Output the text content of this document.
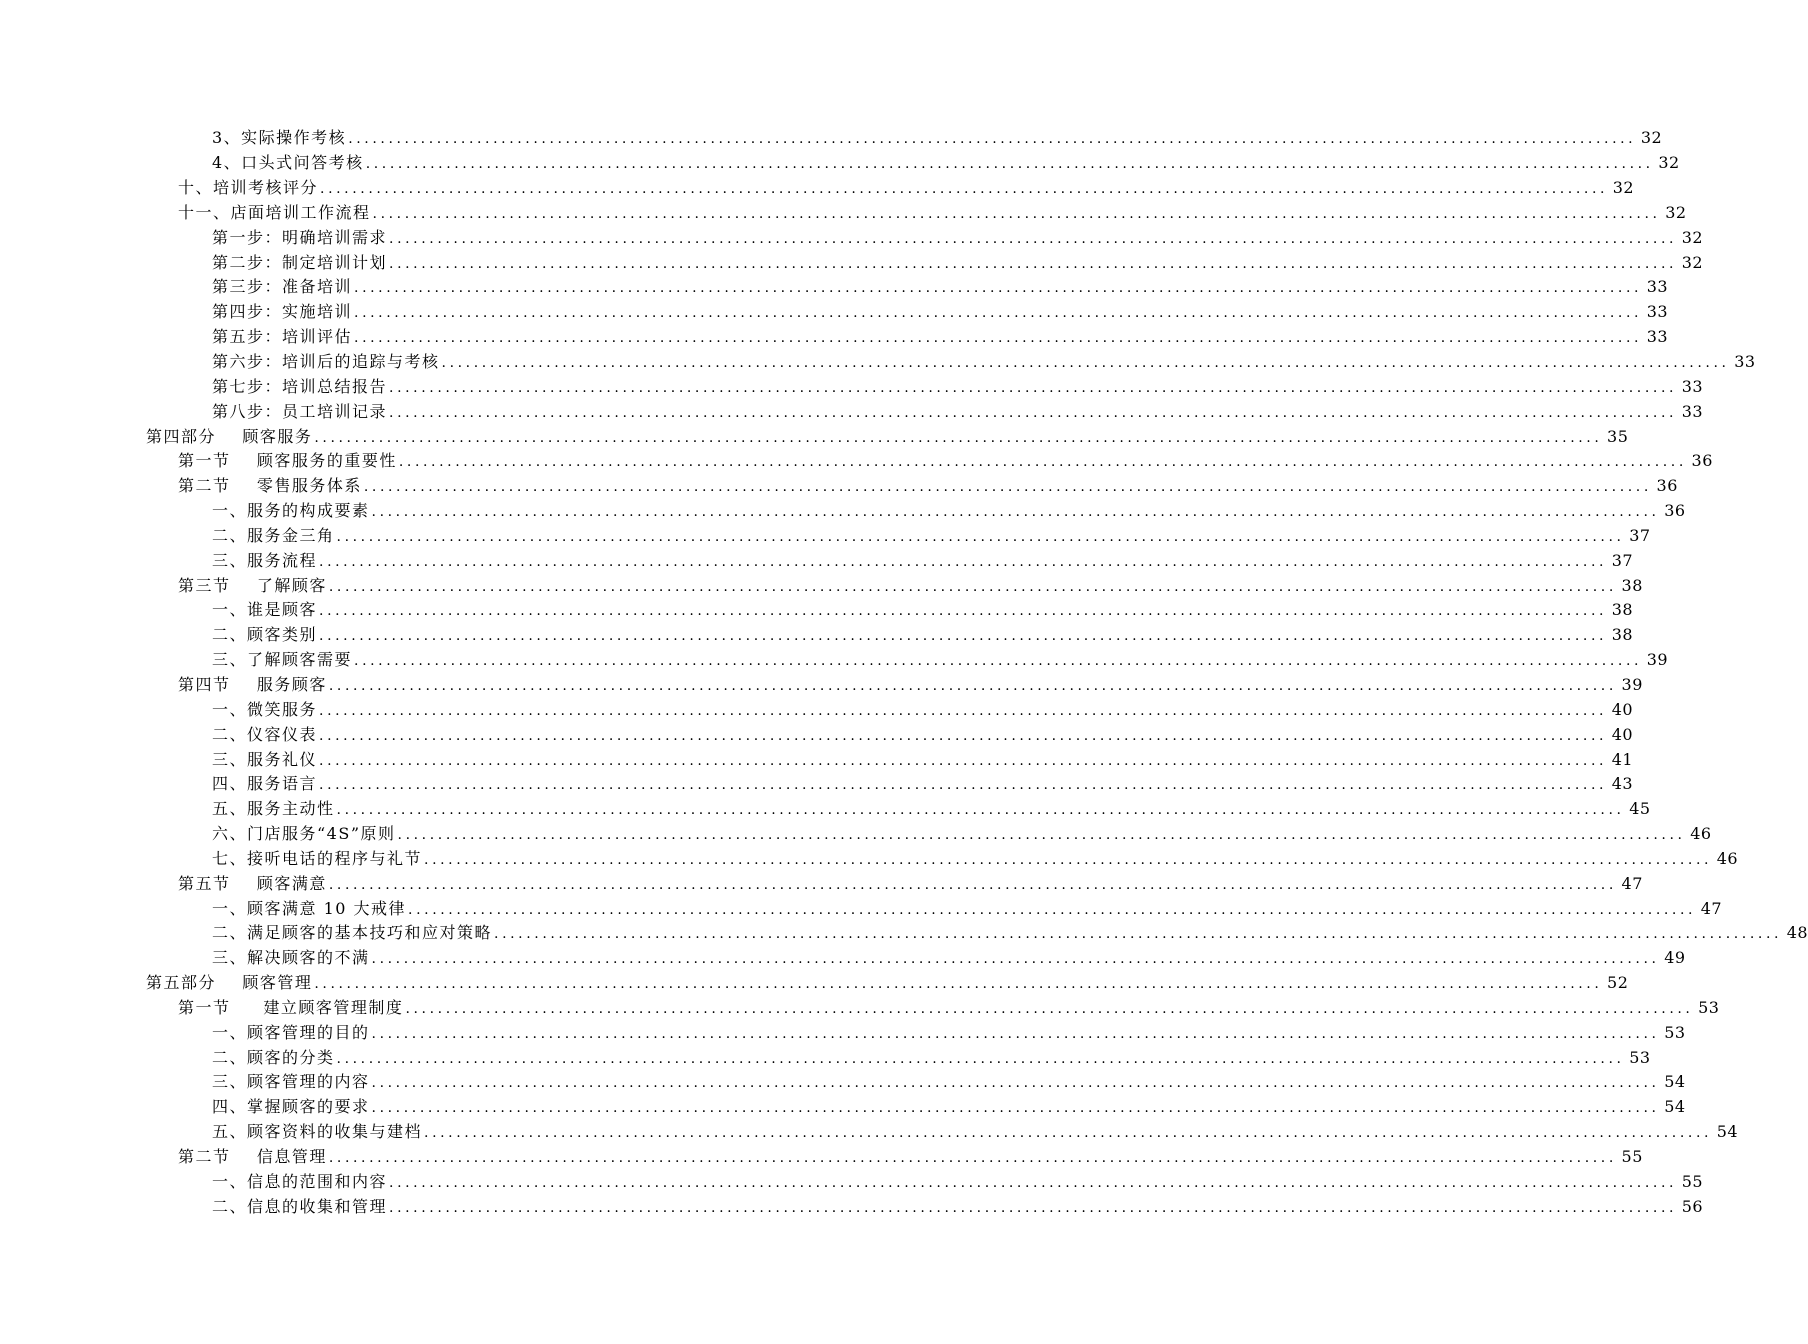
3、实际操作考核 ................................................................................................................................................................ 32
4、口头式问答考核 ................................................................................................................................................................ 32
十、培训考核评分 ................................................................................................................................................................ 32
十一、店面培训工作流程 ................................................................................................................................................................ 32
第一步：明确培训需求 ................................................................................................................................................................ 32
第二步：制定培训计划 ................................................................................................................................................................ 32
第三步：准备培训 ................................................................................................................................................................ 33
第四步：实施培训 ................................................................................................................................................................ 33
第五步：培训评估 ................................................................................................................................................................ 33
第六步：培训后的追踪与考核 ................................................................................................................................................................ 33
第七步：培训总结报告 ................................................................................................................................................................ 33
第八步：员工培训记录 ................................................................................................................................................................ 33
第四部分    顾客服务 ................................................................................................................................................................ 35
第一节    顾客服务的重要性 ................................................................................................................................................................ 36
第二节    零售服务体系 ................................................................................................................................................................ 36
一、服务的构成要素 ................................................................................................................................................................ 36
二、服务金三角 ................................................................................................................................................................ 37
三、服务流程 ................................................................................................................................................................ 37
第三节    了解顾客 ................................................................................................................................................................ 38
一、谁是顾客 ................................................................................................................................................................ 38
二、顾客类别 ................................................................................................................................................................ 38
三、了解顾客需要 ................................................................................................................................................................ 39
第四节    服务顾客 ................................................................................................................................................................ 39
一、微笑服务 ................................................................................................................................................................ 40
二、仪容仪表 ................................................................................................................................................................ 40
三、服务礼仪 ................................................................................................................................................................ 41
四、服务语言 ................................................................................................................................................................ 43
五、服务主动性 ................................................................................................................................................................ 45
六、门店服务“4S”原则 ................................................................................................................................................................ 46
七、接听电话的程序与礼节 ................................................................................................................................................................ 46
第五节    顾客满意 ................................................................................................................................................................ 47
一、顾客满意 10 大戒律 ................................................................................................................................................................ 47
二、满足顾客的基本技巧和应对策略 ................................................................................................................................................................ 48
三、解决顾客的不满 ................................................................................................................................................................ 49
第五部分    顾客管理 ................................................................................................................................................................ 52
第一节     建立顾客管理制度 ................................................................................................................................................................ 53
一、顾客管理的目的 ................................................................................................................................................................ 53
二、顾客的分类 ................................................................................................................................................................ 53
三、顾客管理的内容 ................................................................................................................................................................ 54
四、掌握顾客的要求 ................................................................................................................................................................ 54
五、顾客资料的收集与建档 ................................................................................................................................................................ 54
第二节    信息管理 ................................................................................................................................................................ 55
一、信息的范围和内容 ................................................................................................................................................................ 55
二、信息的收集和管理 ................................................................................................................................................................ 56
